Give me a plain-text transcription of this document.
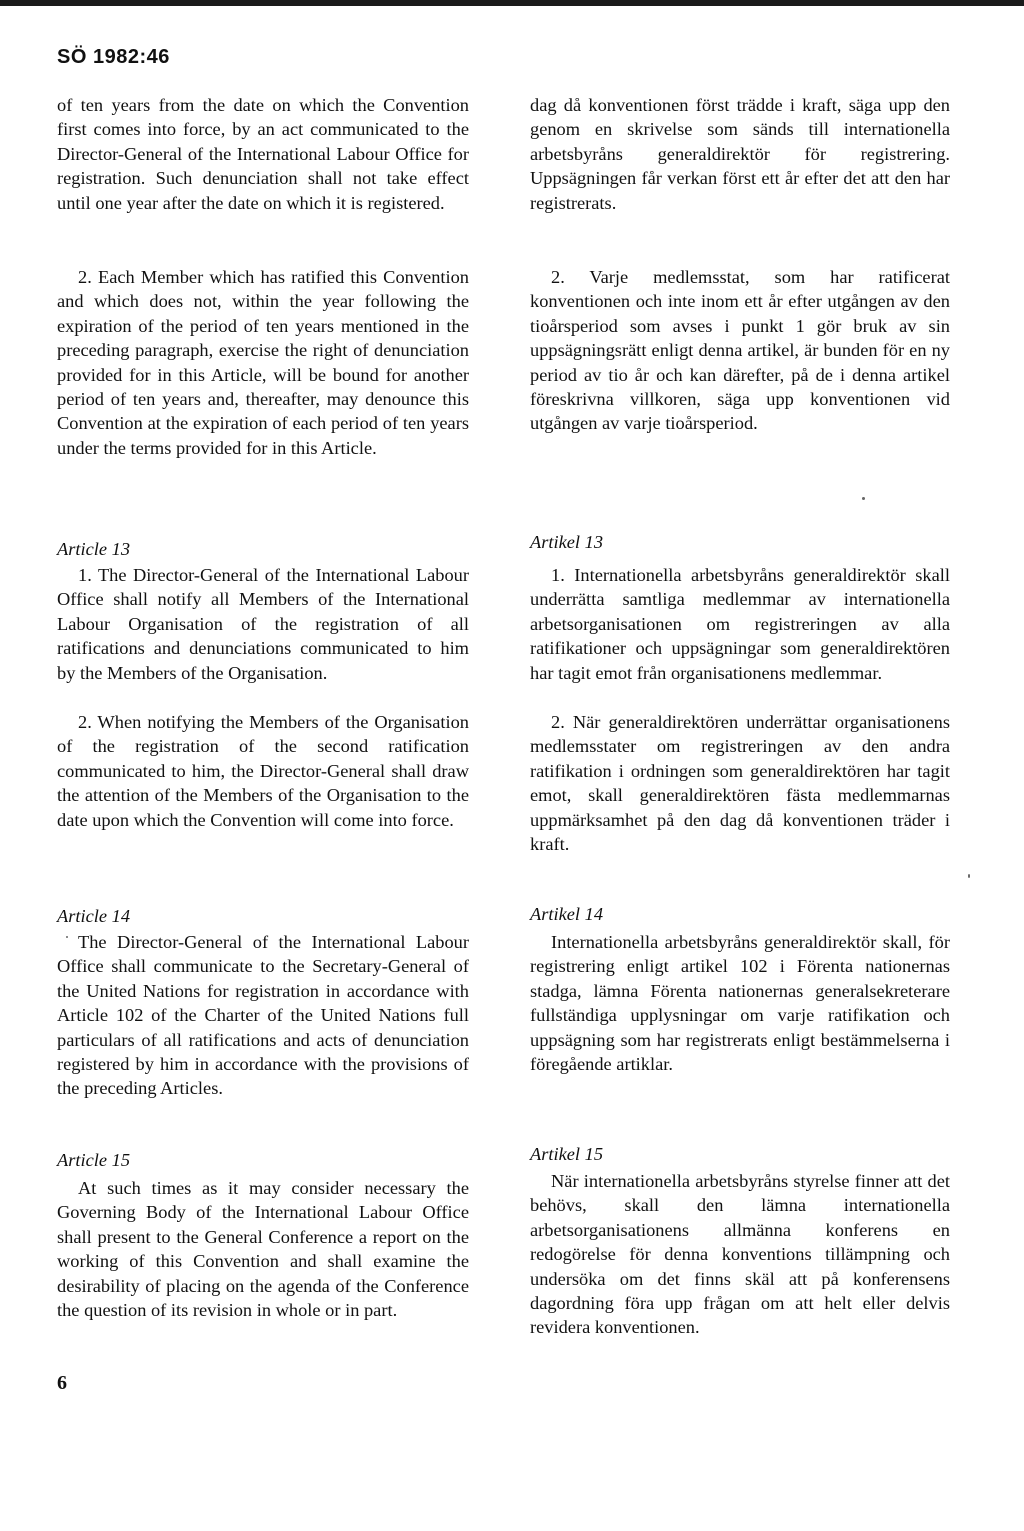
SÖ 1982:46
of ten years from the date on which the Convention first comes into force, by an act communicated to the Director-General of the International Labour Office for registration. Such denunciation shall not take effect until one year after the date on which it is registered.
2. Each Member which has ratified this Convention and which does not, within the year following the expiration of the period of ten years mentioned in the preceding paragraph, exercise the right of denunciation provided for in this Article, will be bound for another period of ten years and, thereafter, may denounce this Convention at the expiration of each period of ten years under the terms provided for in this Article.
Article 13
1. The Director-General of the International Labour Office shall notify all Members of the International Labour Organisation of the registration of all ratifications and denunciations communicated to him by the Members of the Organisation.
2. When notifying the Members of the Organisation of the registration of the second ratification communicated to him, the Director-General shall draw the attention of the Members of the Organisation to the date upon which the Convention will come into force.
Article 14
The Director-General of the International Labour Office shall communicate to the Secretary-General of the United Nations for registration in accordance with Article 102 of the Charter of the United Nations full particulars of all ratifications and acts of denunciation registered by him in accordance with the provisions of the preceding Articles.
Article 15
At such times as it may consider necessary the Governing Body of the International Labour Office shall present to the General Conference a report on the working of this Convention and shall examine the desirability of placing on the agenda of the Conference the question of its revision in whole or in part.
dag då konventionen först trädde i kraft, säga upp den genom en skrivelse som sänds till internationella arbetsbyråns generaldirektör för registrering. Uppsägningen får verkan först ett år efter det att den har registrerats.
2. Varje medlemsstat, som har ratificerat konventionen och inte inom ett år efter utgången av den tioårsperiod som avses i punkt 1 gör bruk av sin uppsägningsrätt enligt denna artikel, är bunden för en ny period av tio år och kan därefter, på de i denna artikel föreskrivna villkoren, säga upp konventionen vid utgången av varje tioårsperiod.
Artikel 13
1. Internationella arbetsbyråns generaldirektör skall underrätta samtliga medlemmar av internationella arbetsorganisationen om registreringen av alla ratifikationer och uppsägningar som generaldirektören har tagit emot från organisationens medlemmar.
2. När generaldirektören underrättar organisationens medlemsstater om registreringen av den andra ratifikation i ordningen som generaldirektören har tagit emot, skall generaldirektören fästa medlemmarnas uppmärksamhet på den dag då konventionen träder i kraft.
Artikel 14
Internationella arbetsbyråns generaldirektör skall, för registrering enligt artikel 102 i Förenta nationernas stadga, lämna Förenta nationernas generalsekreterare fullständiga upplysningar om varje ratifikation och uppsägning som har registrerats enligt bestämmelserna i föregående artiklar.
Artikel 15
När internationella arbetsbyråns styrelse finner att det behövs, skall den lämna internationella arbetsorganisationens allmänna konferens en redogörelse för denna konventions tillämpning och undersöka om det finns skäl att på konferensens dagordning föra upp frågan om att helt eller delvis revidera konventionen.
6
